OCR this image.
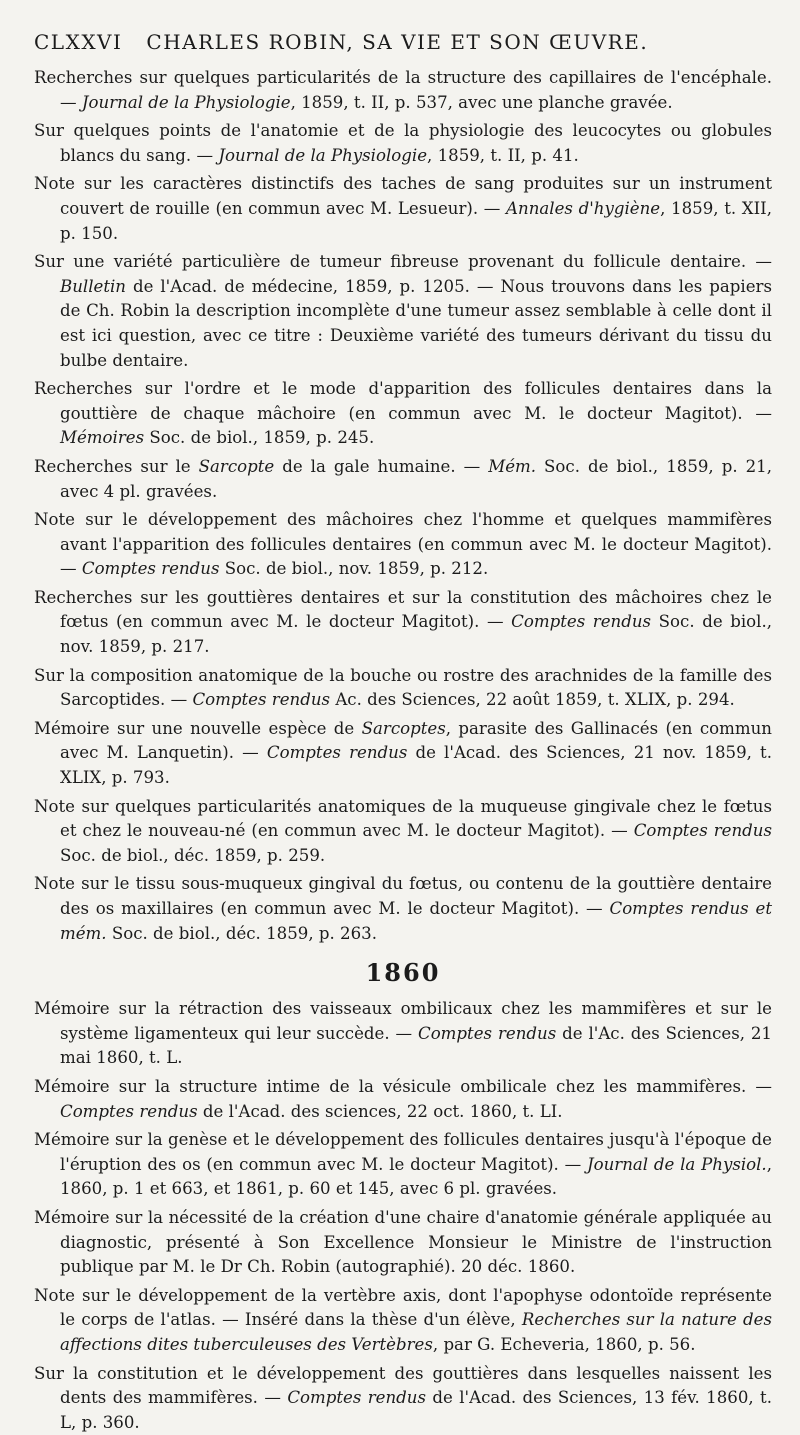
CLXXVI CHARLES ROBIN, SA VIE ET SON ŒUVRE.

Recherches sur quelques particularités de la structure des capillaires de l'encéphale. — Journal de la Physiologie, 1859, t. II, p. 537, avec une planche gravée.

Sur quelques points de l'anatomie et de la physiologie des leucocytes ou globules blancs du sang. — Journal de la Physiologie, 1859, t. II, p. 41.

Note sur les caractères distinctifs des taches de sang produites sur un instrument couvert de rouille (en commun avec M. Lesueur). — Annales d'hygiène, 1859, t. XII, p. 150.

Sur une variété particulière de tumeur fibreuse provenant du follicule dentaire. — Bulletin de l'Acad. de médecine, 1859, p. 1205. — Nous trouvons dans les papiers de Ch. Robin la description incomplète d'une tumeur assez semblable à celle dont il est ici question, avec ce titre : Deuxième variété des tumeurs dérivant du tissu du bulbe dentaire.

Recherches sur l'ordre et le mode d'apparition des follicules dentaires dans la gouttière de chaque mâchoire (en commun avec M. le docteur Magitot). — Mémoires Soc. de biol., 1859, p. 245.

Recherches sur le Sarcopte de la gale humaine. — Mém. Soc. de biol., 1859, p. 21, avec 4 pl. gravées.

Note sur le développement des mâchoires chez l'homme et quelques mammifères avant l'apparition des follicules dentaires (en commun avec M. le docteur Magitot). — Comptes rendus Soc. de biol., nov. 1859, p. 212.

Recherches sur les gouttières dentaires et sur la constitution des mâchoires chez le fœtus (en commun avec M. le docteur Magitot). — Comptes rendus Soc. de biol., nov. 1859, p. 217.

Sur la composition anatomique de la bouche ou rostre des arachnides de la famille des Sarcoptides. — Comptes rendus Ac. des Sciences, 22 août 1859, t. XLIX, p. 294.

Mémoire sur une nouvelle espèce de Sarcoptes, parasite des Gallinacés (en commun avec M. Lanquetin). — Comptes rendus de l'Acad. des Sciences, 21 nov. 1859, t. XLIX, p. 793.

Note sur quelques particularités anatomiques de la muqueuse gingivale chez le fœtus et chez le nouveau-né (en commun avec M. le docteur Magitot). — Comptes rendus Soc. de biol., déc. 1859, p. 259.

Note sur le tissu sous-muqueux gingival du fœtus, ou contenu de la gouttière dentaire des os maxillaires (en commun avec M. le docteur Magitot). — Comptes rendus et mém. Soc. de biol., déc. 1859, p. 263.

1860

Mémoire sur la rétraction des vaisseaux ombilicaux chez les mammifères et sur le système ligamenteux qui leur succède. — Comptes rendus de l'Ac. des Sciences, 21 mai 1860, t. L.

Mémoire sur la structure intime de la vésicule ombilicale chez les mammifères. — Comptes rendus de l'Acad. des sciences, 22 oct. 1860, t. LI.

Mémoire sur la genèse et le développement des follicules dentaires jusqu'à l'époque de l'éruption des os (en commun avec M. le docteur Magitot). — Journal de la Physiol., 1860, p. 1 et 663, et 1861, p. 60 et 145, avec 6 pl. gravées.

Mémoire sur la nécessité de la création d'une chaire d'anatomie générale appliquée au diagnostic, présenté à Son Excellence Monsieur le Ministre de l'instruction publique par M. le Dr Ch. Robin (autographié). 20 déc. 1860.

Note sur le développement de la vertèbre axis, dont l'apophyse odontoïde représente le corps de l'atlas. — Inséré dans la thèse d'un élève, Recherches sur la nature des affections dites tuberculeuses des Vertèbres, par G. Echeveria, 1860, p. 56.

Sur la constitution et le développement des gouttières dans lesquelles naissent les dents des mammifères. — Comptes rendus de l'Acad. des Sciences, 13 fév. 1860, t. L, p. 360.
